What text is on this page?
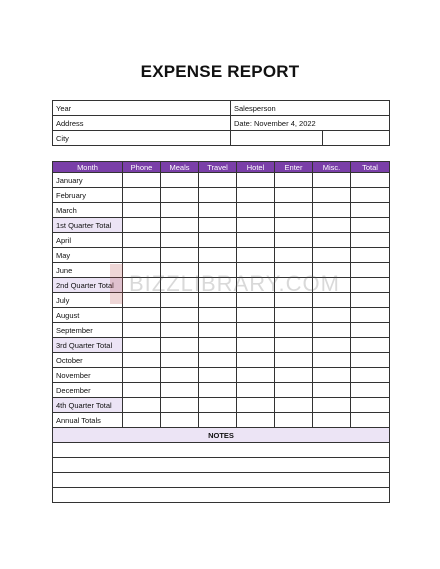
EXPENSE REPORT
Year	Salesperson	
Address	Date: November 4, 2022	
City		
Month	Phone	Meals	Travel	Hotel	Enter	Misc.	Total
January							
February							
March							
1st Quarter Total							
April							
May							
June							
2nd Quarter Total							
July							
August							
September							
3rd Quarter Total							
October							
November							
December							
4th Quarter Total							
Annual Totals							
NOTES							

BIZZLIBRARY.COM
